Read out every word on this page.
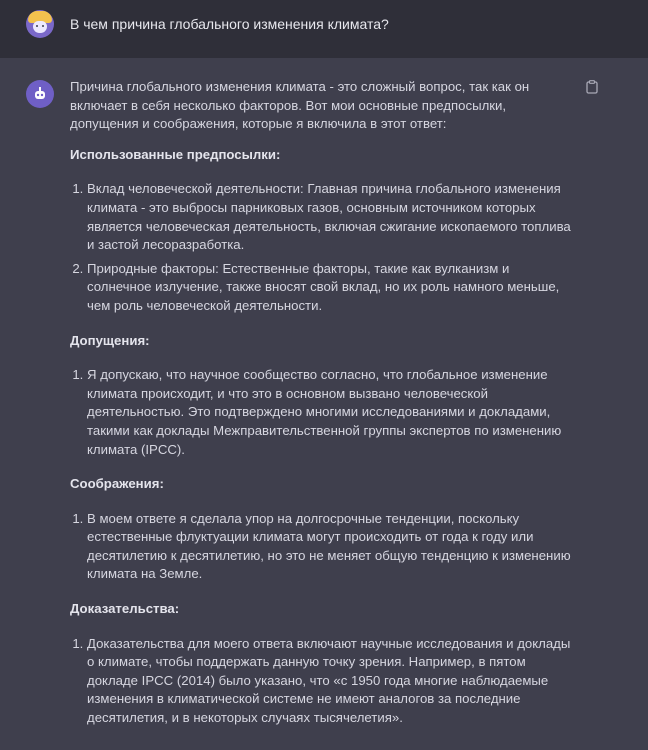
В чем причина глобального изменения климата?

Причина глобального изменения климата - это сложный вопрос, так как он включает в себя несколько факторов. Вот мои основные предпосылки, допущения и соображения, которые я включила в этот ответ:

Использованные предпосылки:

1. Вклад человеческой деятельности: Главная причина глобального изменения климата - это выбросы парниковых газов, основным источником которых является человеческая деятельность, включая сжигание ископаемого топлива и застой лесоразработка.
2. Природные факторы: Естественные факторы, такие как вулканизм и солнечное излучение, также вносят свой вклад, но их роль намного меньше, чем роль человеческой деятельности.

Допущения:

1. Я допускаю, что научное сообщество согласно, что глобальное изменение климата происходит, и что это в основном вызвано человеческой деятельностью. Это подтверждено многими исследованиями и докладами, такими как доклады Межправительственной группы экспертов по изменению климата (IPCC).

Соображения:

1. В моем ответе я сделала упор на долгосрочные тенденции, поскольку естественные флуктуации климата могут происходить от года к году или десятилетию к десятилетию, но это не меняет общую тенденцию к изменению климата на Земле.

Доказательства:

1. Доказательства для моего ответа включают научные исследования и доклады о климате, чтобы поддержать данную точку зрения. Например, в пятом докладе IPCC (2014) было указано, что «с 1950 года многие наблюдаемые изменения в климатической системе не имеют аналогов за последние десятилетия, и в некоторых случаях тысячелетия».
